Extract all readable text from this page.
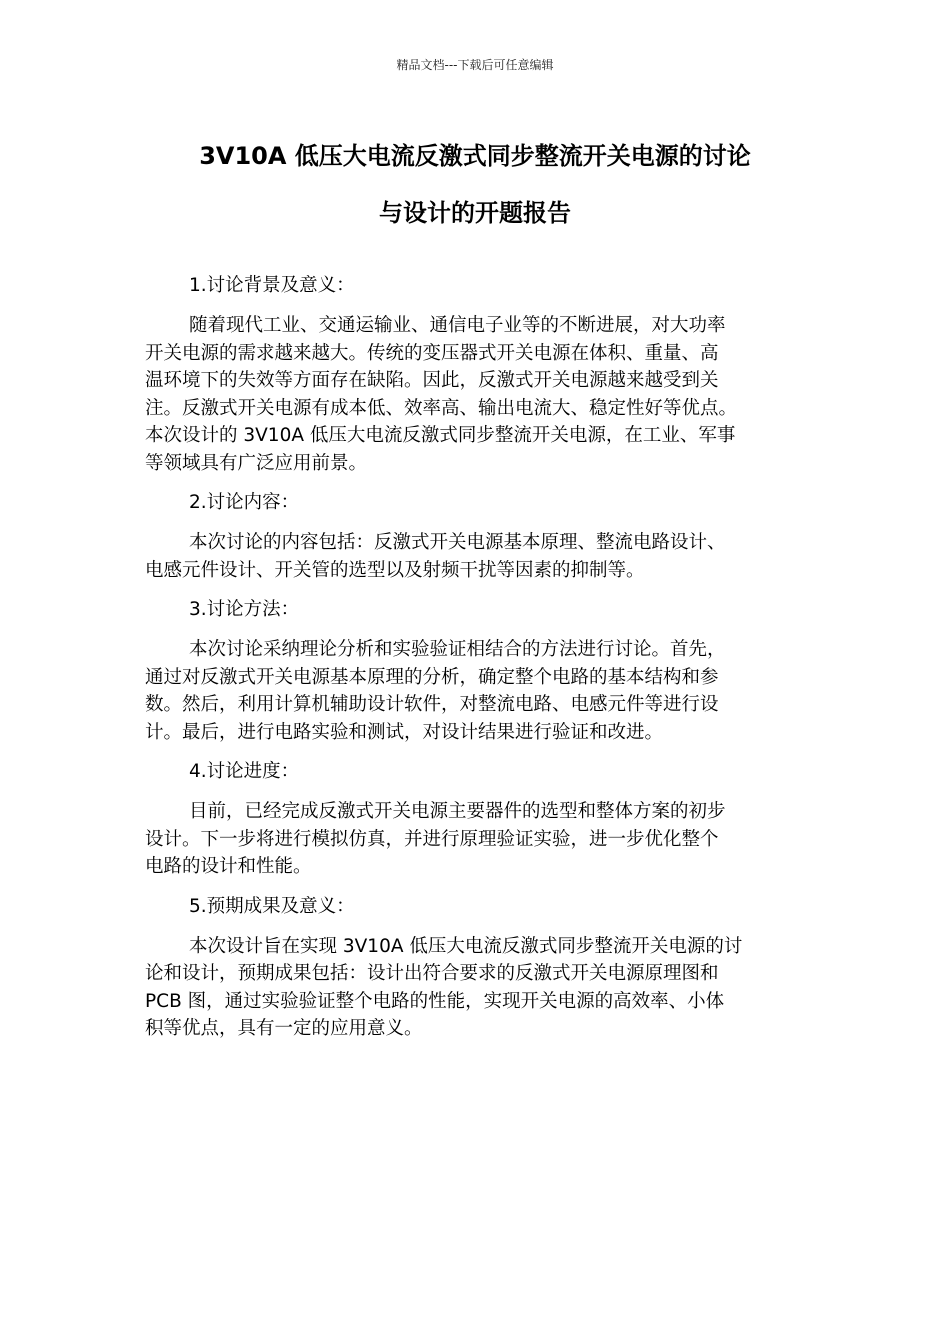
精品文档---下载后可任意编辑
3V10A 低压大电流反激式同步整流开关电源的讨论
与设计的开题报告
1.讨论背景及意义：
随着现代工业、交通运输业、通信电子业等的不断进展，对大功率
开关电源的需求越来越大。传统的变压器式开关电源在体积、重量、高
温环境下的失效等方面存在缺陷。因此，反激式开关电源越来越受到关
注。反激式开关电源有成本低、效率高、输出电流大、稳定性好等优点。
本次设计的 3V10A 低压大电流反激式同步整流开关电源，在工业、军事
等领域具有广泛应用前景。
2.讨论内容：
本次讨论的内容包括：反激式开关电源基本原理、整流电路设计、
电感元件设计、开关管的选型以及射频干扰等因素的抑制等。
3.讨论方法：
本次讨论采纳理论分析和实验验证相结合的方法进行讨论。首先，
通过对反激式开关电源基本原理的分析，确定整个电路的基本结构和参
数。然后，利用计算机辅助设计软件，对整流电路、电感元件等进行设
计。最后，进行电路实验和测试，对设计结果进行验证和改进。
4.讨论进度：
目前，已经完成反激式开关电源主要器件的选型和整体方案的初步
设计。下一步将进行模拟仿真，并进行原理验证实验，进一步优化整个
电路的设计和性能。
5.预期成果及意义：
本次设计旨在实现 3V10A 低压大电流反激式同步整流开关电源的讨
论和设计，预期成果包括：设计出符合要求的反激式开关电源原理图和
PCB 图，通过实验验证整个电路的性能，实现开关电源的高效率、小体
积等优点，具有一定的应用意义。
